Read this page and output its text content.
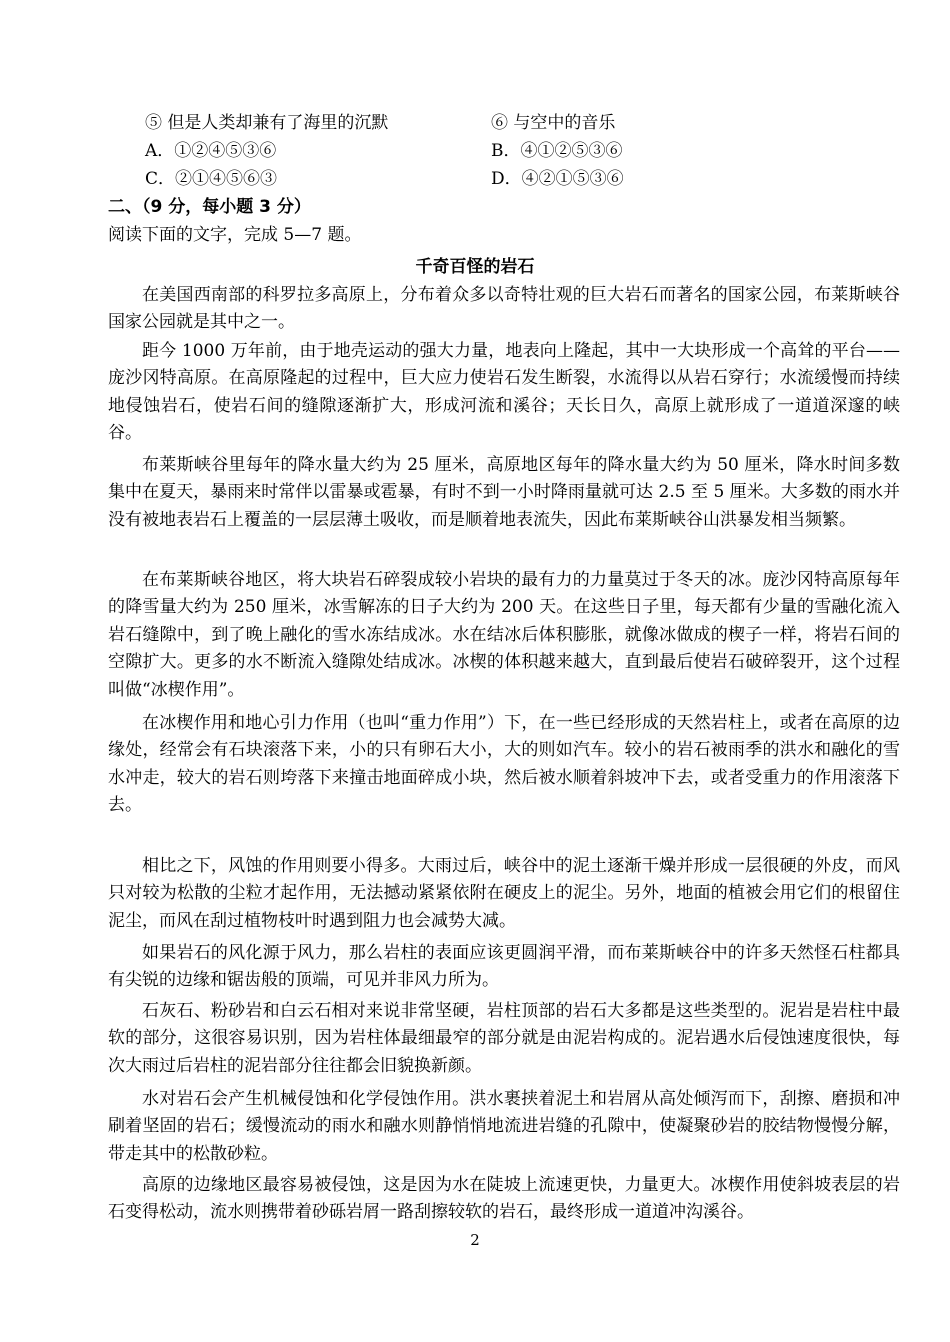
⑤ 但是人类却兼有了海里的沉默	⑥ 与空中的音乐
A．①②④⑤③⑥	B．④①②⑤③⑥
C．②①④⑤⑥③	D．④②①⑤③⑥
二、（9 分，每小题 3 分）
阅读下面的文字，完成 5—7 题。
千奇百怪的岩石

在美国西南部的科罗拉多高原上，分布着众多以奇特壮观的巨大岩石而著名的国家公园，布莱斯峡谷国家公园就是其中之一。

距今 1000 万年前，由于地壳运动的强大力量，地表向上隆起，其中一大块形成一个高耸的平台——庞沙冈特高原。在高原隆起的过程中，巨大应力使岩石发生断裂，水流得以从岩石穿行；水流缓慢而持续地侵蚀岩石，使岩石间的缝隙逐渐扩大，形成河流和溪谷；天长日久，高原上就形成了一道道深邃的峡谷。

布莱斯峡谷里每年的降水量大约为 25 厘米，高原地区每年的降水量大约为 50 厘米，降水时间多数集中在夏天，暴雨来时常伴以雷暴或雹暴，有时不到一小时降雨量就可达 2.5 至 5 厘米。大多数的雨水并没有被地表岩石上覆盖的一层层薄土吸收，而是顺着地表流失，因此布莱斯峡谷山洪暴发相当频繁。

在布莱斯峡谷地区，将大块岩石碎裂成较小岩块的最有力的力量莫过于冬天的冰。庞沙冈特高原每年的降雪量大约为 250 厘米，冰雪解冻的日子大约为 200 天。在这些日子里，每天都有少量的雪融化流入岩石缝隙中，到了晚上融化的雪水冻结成冰。水在结冰后体积膨胀，就像冰做成的楔子一样，将岩石间的空隙扩大。更多的水不断流入缝隙处结成冰。冰楔的体积越来越大，直到最后使岩石破碎裂开，这个过程叫做“冰楔作用”。

在冰楔作用和地心引力作用（也叫“重力作用”）下，在一些已经形成的天然岩柱上，或者在高原的边缘处，经常会有石块滚落下来，小的只有卵石大小，大的则如汽车。较小的岩石被雨季的洪水和融化的雪水冲走，较大的岩石则垮落下来撞击地面碎成小块，然后被水顺着斜坡冲下去，或者受重力的作用滚落下去。

相比之下，风蚀的作用则要小得多。大雨过后，峡谷中的泥土逐渐干燥并形成一层很硬的外皮，而风只对较为松散的尘粒才起作用，无法撼动紧紧依附在硬皮上的泥尘。另外，地面的植被会用它们的根留住泥尘，而风在刮过植物枝叶时遇到阻力也会减势大减。

如果岩石的风化源于风力，那么岩柱的表面应该更圆润平滑，而布莱斯峡谷中的许多天然怪石柱都具有尖锐的边缘和锯齿般的顶端，可见并非风力所为。

石灰石、粉砂岩和白云石相对来说非常坚硬，岩柱顶部的岩石大多都是这些类型的。泥岩是岩柱中最软的部分，这很容易识别，因为岩柱体最细最窄的部分就是由泥岩构成的。泥岩遇水后侵蚀速度很快，每次大雨过后岩柱的泥岩部分往往都会旧貌换新颜。

水对岩石会产生机械侵蚀和化学侵蚀作用。洪水裹挟着泥土和岩屑从高处倾泻而下，刮擦、磨损和冲刷着坚固的岩石；缓慢流动的雨水和融水则静悄悄地流进岩缝的孔隙中，使凝聚砂岩的胶结物慢慢分解，带走其中的松散砂粒。

高原的边缘地区最容易被侵蚀，这是因为水在陡坡上流速更快，力量更大。冰楔作用使斜坡表层的岩石变得松动，流水则携带着砂砾岩屑一路刮擦较软的岩石，最终形成一道道冲沟溪谷。

2
